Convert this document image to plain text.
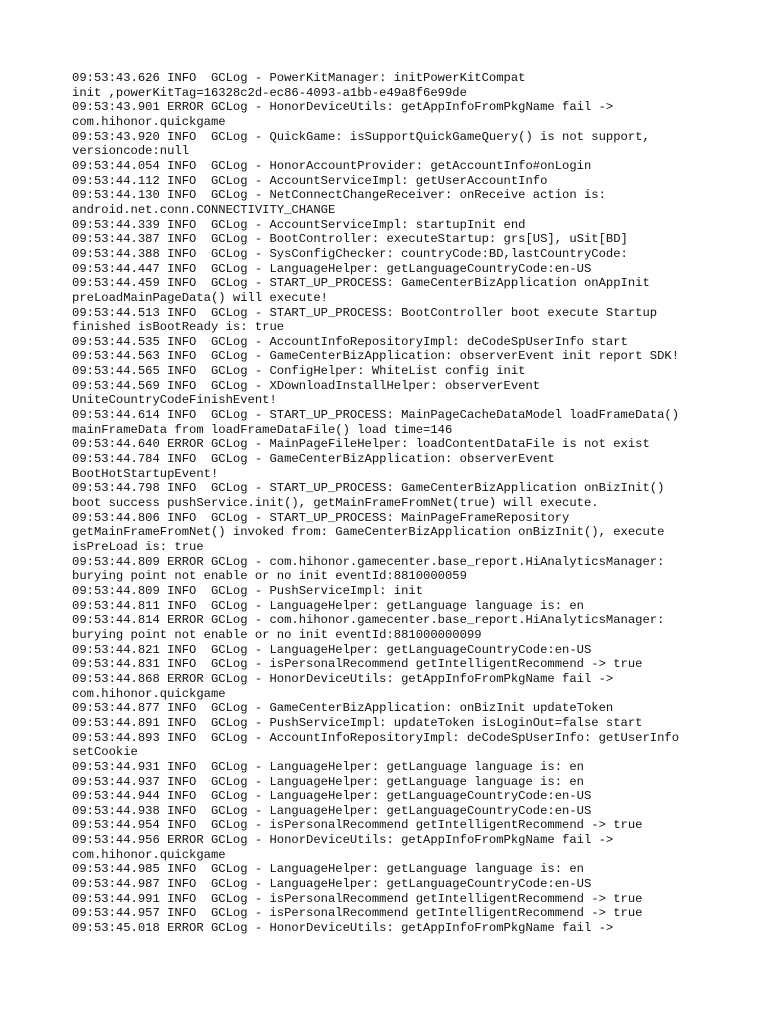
09:53:43.626 INFO  GCLog - PowerKitManager: initPowerKitCompat
init ,powerKitTag=16328c2d-ec86-4093-a1bb-e49a8f6e99de
09:53:43.901 ERROR GCLog - HonorDeviceUtils: getAppInfoFromPkgName fail ->
com.hihonor.quickgame
09:53:43.920 INFO  GCLog - QuickGame: isSupportQuickGameQuery() is not support,
versioncode:null
09:53:44.054 INFO  GCLog - HonorAccountProvider: getAccountInfo#onLogin
09:53:44.112 INFO  GCLog - AccountServiceImpl: getUserAccountInfo
09:53:44.130 INFO  GCLog - NetConnectChangeReceiver: onReceive action is:
android.net.conn.CONNECTIVITY_CHANGE
09:53:44.339 INFO  GCLog - AccountServiceImpl: startupInit end
09:53:44.387 INFO  GCLog - BootController: executeStartup: grs[US], uSit[BD]
09:53:44.388 INFO  GCLog - SysConfigChecker: countryCode:BD,lastCountryCode:
09:53:44.447 INFO  GCLog - LanguageHelper: getLanguageCountryCode:en-US
09:53:44.459 INFO  GCLog - START_UP_PROCESS: GameCenterBizApplication onAppInit
preLoadMainPageData() will execute!
09:53:44.513 INFO  GCLog - START_UP_PROCESS: BootController boot execute Startup
finished isBootReady is: true
09:53:44.535 INFO  GCLog - AccountInfoRepositoryImpl: deCodeSpUserInfo start
09:53:44.563 INFO  GCLog - GameCenterBizApplication: observerEvent init report SDK!
09:53:44.565 INFO  GCLog - ConfigHelper: WhiteList config init
09:53:44.569 INFO  GCLog - XDownloadInstallHelper: observerEvent
UniteCountryCodeFinishEvent!
09:53:44.614 INFO  GCLog - START_UP_PROCESS: MainPageCacheDataModel loadFrameData()
mainFrameData from loadFrameDataFile() load time=146
09:53:44.640 ERROR GCLog - MainPageFileHelper: loadContentDataFile is not exist
09:53:44.784 INFO  GCLog - GameCenterBizApplication: observerEvent
BootHotStartupEvent!
09:53:44.798 INFO  GCLog - START_UP_PROCESS: GameCenterBizApplication onBizInit()
boot success pushService.init(), getMainFrameFromNet(true) will execute.
09:53:44.806 INFO  GCLog - START_UP_PROCESS: MainPageFrameRepository
getMainFrameFromNet() invoked from: GameCenterBizApplication onBizInit(), execute
isPreLoad is: true
09:53:44.809 ERROR GCLog - com.hihonor.gamecenter.base_report.HiAnalyticsManager:
burying point not enable or no init eventId:8810000059
09:53:44.809 INFO  GCLog - PushServiceImpl: init
09:53:44.811 INFO  GCLog - LanguageHelper: getLanguage language is: en
09:53:44.814 ERROR GCLog - com.hihonor.gamecenter.base_report.HiAnalyticsManager:
burying point not enable or no init eventId:881000000099
09:53:44.821 INFO  GCLog - LanguageHelper: getLanguageCountryCode:en-US
09:53:44.831 INFO  GCLog - isPersonalRecommend getIntelligentRecommend -> true
09:53:44.868 ERROR GCLog - HonorDeviceUtils: getAppInfoFromPkgName fail ->
com.hihonor.quickgame
09:53:44.877 INFO  GCLog - GameCenterBizApplication: onBizInit updateToken
09:53:44.891 INFO  GCLog - PushServiceImpl: updateToken isLoginOut=false start
09:53:44.893 INFO  GCLog - AccountInfoRepositoryImpl: deCodeSpUserInfo: getUserInfo
setCookie
09:53:44.931 INFO  GCLog - LanguageHelper: getLanguage language is: en
09:53:44.937 INFO  GCLog - LanguageHelper: getLanguage language is: en
09:53:44.944 INFO  GCLog - LanguageHelper: getLanguageCountryCode:en-US
09:53:44.938 INFO  GCLog - LanguageHelper: getLanguageCountryCode:en-US
09:53:44.954 INFO  GCLog - isPersonalRecommend getIntelligentRecommend -> true
09:53:44.956 ERROR GCLog - HonorDeviceUtils: getAppInfoFromPkgName fail ->
com.hihonor.quickgame
09:53:44.985 INFO  GCLog - LanguageHelper: getLanguage language is: en
09:53:44.987 INFO  GCLog - LanguageHelper: getLanguageCountryCode:en-US
09:53:44.991 INFO  GCLog - isPersonalRecommend getIntelligentRecommend -> true
09:53:44.957 INFO  GCLog - isPersonalRecommend getIntelligentRecommend -> true
09:53:45.018 ERROR GCLog - HonorDeviceUtils: getAppInfoFromPkgName fail ->
